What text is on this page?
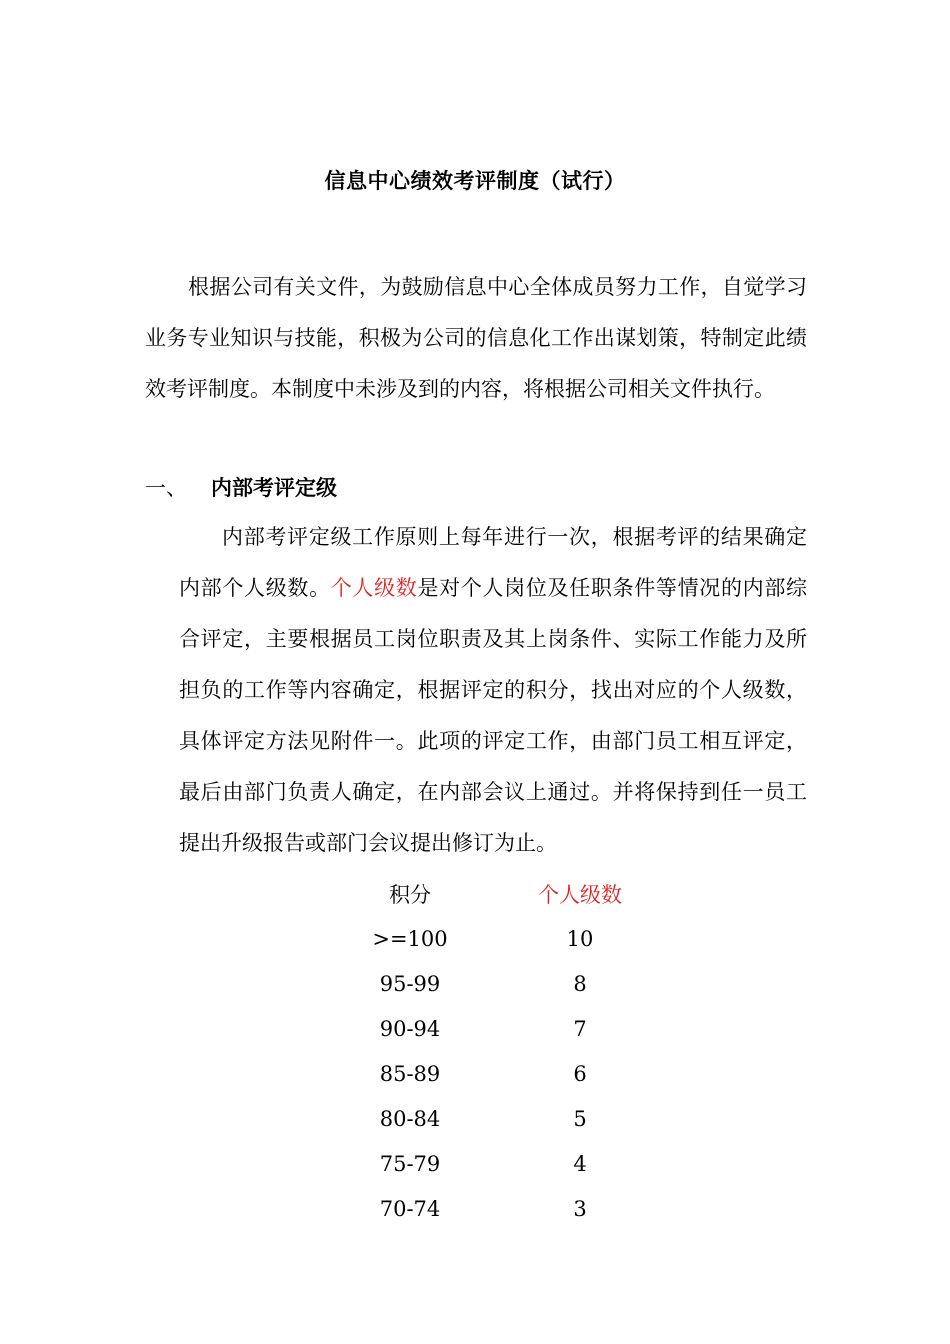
信息中心绩效考评制度（试行）

根据公司有关文件，为鼓励信息中心全体成员努力工作，自觉学习业务专业知识与技能，积极为公司的信息化工作出谋划策，特制定此绩效考评制度。本制度中未涉及到的内容，将根据公司相关文件执行。

一、 内部考评定级

内部考评定级工作原则上每年进行一次，根据考评的结果确定内部个人级数。个人级数是对个人岗位及任职条件等情况的内部综合评定，主要根据员工岗位职责及其上岗条件、实际工作能力及所担负的工作等内容确定，根据评定的积分，找出对应的个人级数，具体评定方法见附件一。此项的评定工作，由部门员工相互评定，最后由部门负责人确定，在内部会议上通过。并将保持到任一员工提出升级报告或部门会议提出修订为止。

积分	个人级数
>=100	10
95-99	8
90-94	7
85-89	6
80-84	5
75-79	4
70-74	3
